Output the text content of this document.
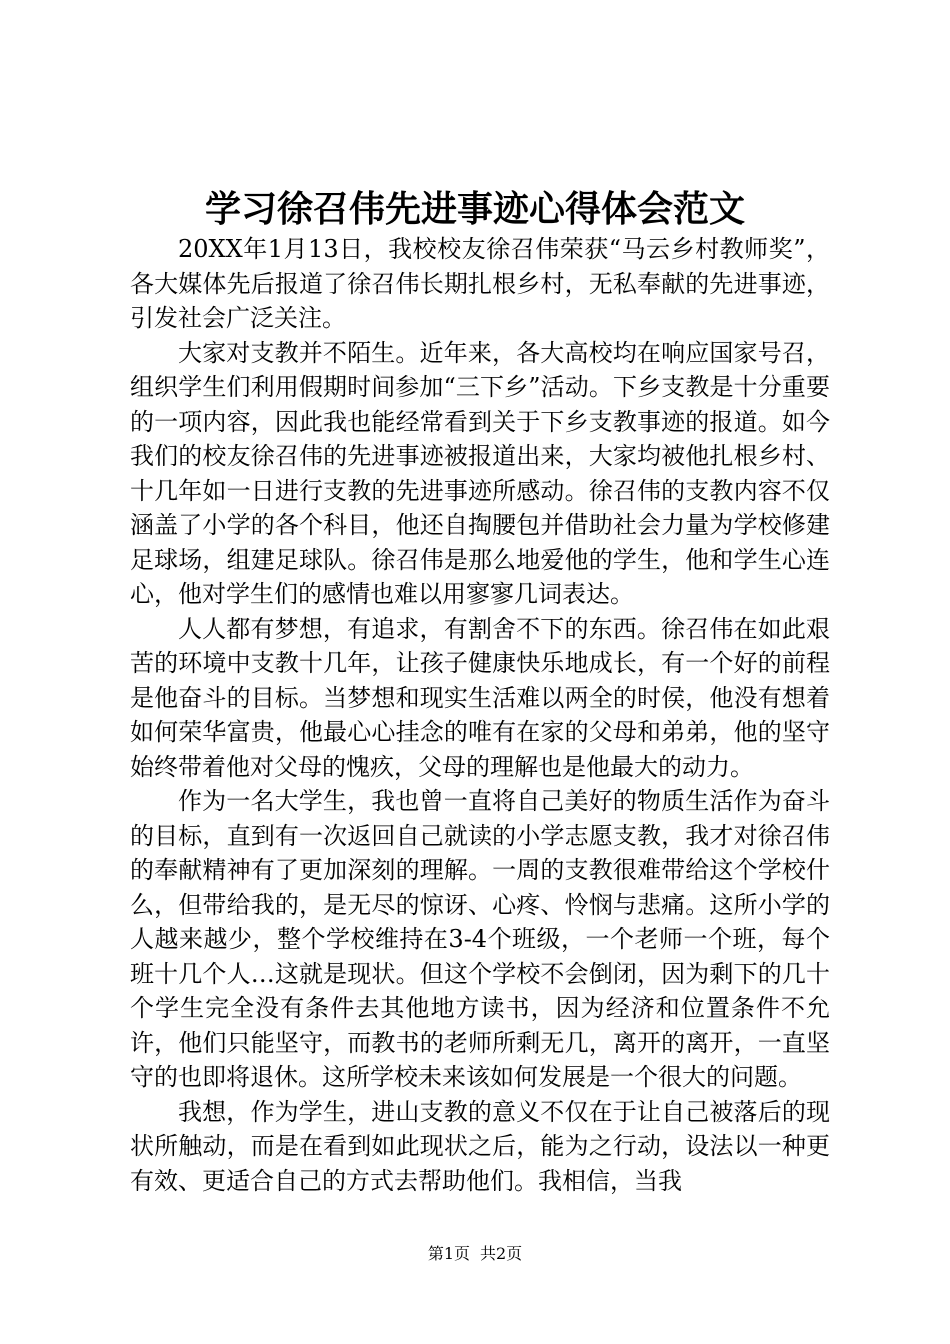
学习徐召伟先进事迹心得体会范文

20XX年1月13日，我校校友徐召伟荣获“马云乡村教师奖”，各大媒体先后报道了徐召伟长期扎根乡村，无私奉献的先进事迹，引发社会广泛关注。

大家对支教并不陌生。近年来，各大高校均在响应国家号召，组织学生们利用假期时间参加“三下乡”活动。下乡支教是十分重要的一项内容，因此我也能经常看到关于下乡支教事迹的报道。如今我们的校友徐召伟的先进事迹被报道出来，大家均被他扎根乡村、十几年如一日进行支教的先进事迹所感动。徐召伟的支教内容不仅涵盖了小学的各个科目，他还自掏腰包并借助社会力量为学校修建足球场，组建足球队。徐召伟是那么地爱他的学生，他和学生心连心，他对学生们的感情也难以用寥寥几词表达。

人人都有梦想，有追求，有割舍不下的东西。徐召伟在如此艰苦的环境中支教十几年，让孩子健康快乐地成长，有一个好的前程是他奋斗的目标。当梦想和现实生活难以两全的时侯，他没有想着如何荣华富贵，他最心心挂念的唯有在家的父母和弟弟，他的坚守始终带着他对父母的愧疚，父母的理解也是他最大的动力。

作为一名大学生，我也曾一直将自己美好的物质生活作为奋斗的目标，直到有一次返回自己就读的小学志愿支教，我才对徐召伟的奉献精神有了更加深刻的理解。一周的支教很难带给这个学校什么，但带给我的，是无尽的惊讶、心疼、怜悯与悲痛。这所小学的人越来越少，整个学校维持在3-4个班级，一个老师一个班，每个班十几个人…这就是现状。但这个学校不会倒闭，因为剩下的几十个学生完全没有条件去其他地方读书，因为经济和位置条件不允许，他们只能坚守，而教书的老师所剩无几，离开的离开，一直坚守的也即将退休。这所学校未来该如何发展是一个很大的问题。

我想，作为学生，进山支教的意义不仅在于让自己被落后的现状所触动，而是在看到如此现状之后，能为之行动，设法以一种更有效、更适合自己的方式去帮助他们。我相信，当我

第1页 共2页
